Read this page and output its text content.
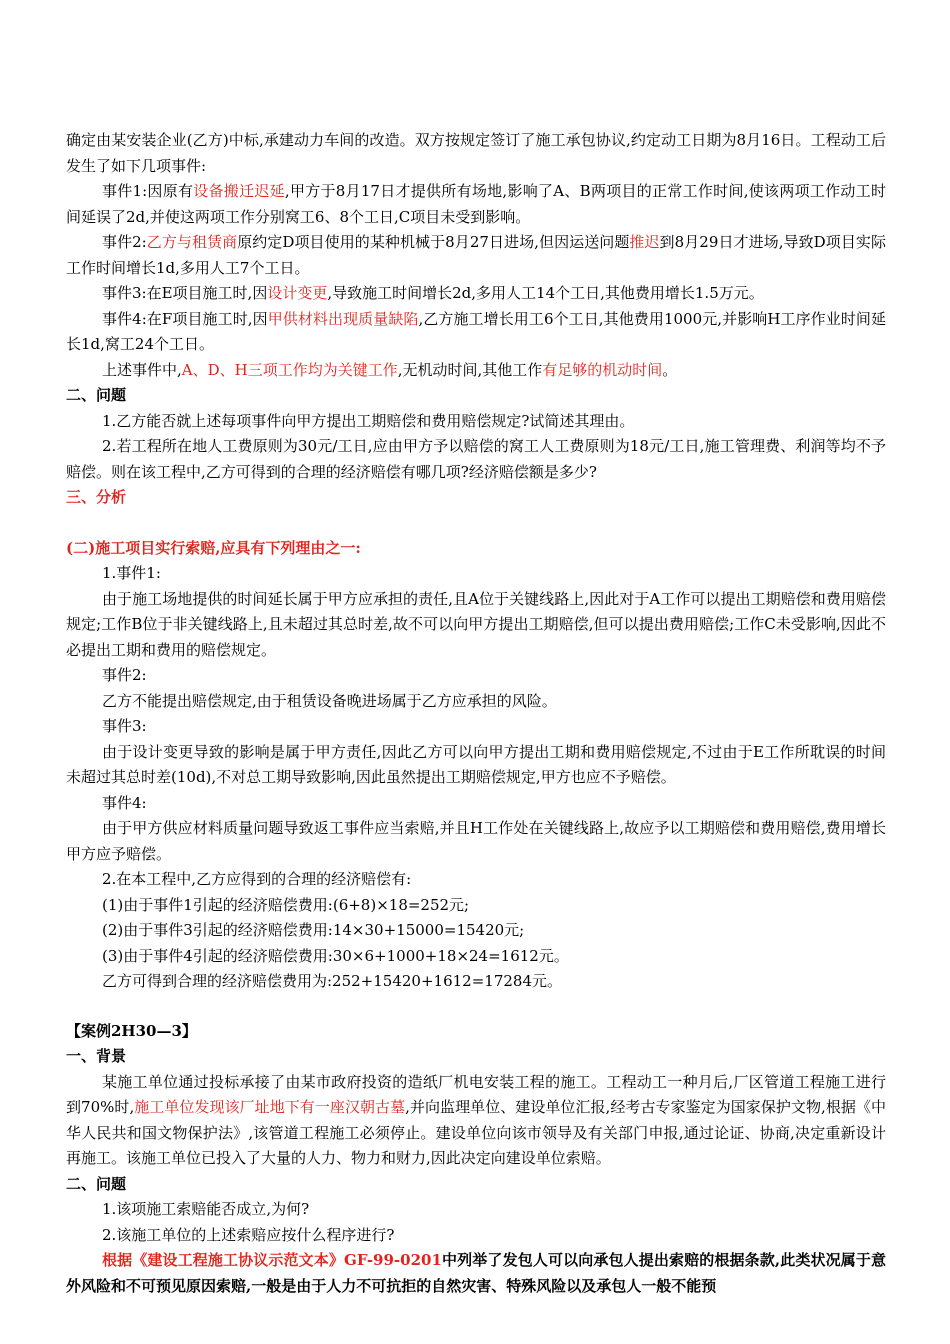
确定由某安装企业(乙方)中标,承建动力车间的改造。双方按规定签订了施工承包协议,约定动工日期为8月16日。工程动工后发生了如下几项事件:

事件1:因原有设备搬迁迟延,甲方于8月17日才提供所有场地,影响了A、B两项目的正常工作时间,使该两项工作动工时间延误了2d,并使这两项工作分别窝工6、8个工日,C项目未受到影响。

事件2:乙方与租赁商原约定D项目使用的某种机械于8月27日进场,但因运送问题推迟到8月29日才进场,导致D项目实际工作时间增长1d,多用人工7个工日。

事件3:在E项目施工时,因设计变更,导致施工时间增长2d,多用人工14个工日,其他费用增长1.5万元。

事件4:在F项目施工时,因甲供材料出现质量缺陷,乙方施工增长用工6个工日,其他费用1000元,并影响H工序作业时间延长1d,窝工24个工日。

上述事件中,A、D、H三项工作均为关键工作,无机动时间,其他工作有足够的机动时间。

二、问题

1.乙方能否就上述每项事件向甲方提出工期赔偿和费用赔偿规定?试简述其理由。

2.若工程所在地人工费原则为30元/工日,应由甲方予以赔偿的窝工人工费原则为18元/工日,施工管理费、利润等均不予赔偿。则在该工程中,乙方可得到的合理的经济赔偿有哪几项?经济赔偿额是多少?

三、分析

(二)施工项目实行索赔,应具有下列理由之一:

1.事件1:

由于施工场地提供的时间延长属于甲方应承担的责任,且A位于关键线路上,因此对于A工作可以提出工期赔偿和费用赔偿规定;工作B位于非关键线路上,且未超过其总时差,故不可以向甲方提出工期赔偿,但可以提出费用赔偿;工作C未受影响,因此不必提出工期和费用的赔偿规定。

事件2:

乙方不能提出赔偿规定,由于租赁设备晚进场属于乙方应承担的风险。

事件3:

由于设计变更导致的影响是属于甲方责任,因此乙方可以向甲方提出工期和费用赔偿规定,不过由于E工作所耽误的时间未超过其总时差(10d),不对总工期导致影响,因此虽然提出工期赔偿规定,甲方也应不予赔偿。

事件4:

由于甲方供应材料质量问题导致返工事件应当索赔,并且H工作处在关键线路上,故应予以工期赔偿和费用赔偿,费用增长甲方应予赔偿。

2.在本工程中,乙方应得到的合理的经济赔偿有:

(1)由于事件1引起的经济赔偿费用:(6+8)×18=252元;

(2)由于事件3引起的经济赔偿费用:14×30+15000=15420元;

(3)由于事件4引起的经济赔偿费用:30×6+1000+18×24=1612元。

乙方可得到合理的经济赔偿费用为:252+15420+1612=17284元。

【案例2H30—3】

一、背景

某施工单位通过投标承接了由某市政府投资的造纸厂机电安装工程的施工。工程动工一种月后,厂区管道工程施工进行到70%时,施工单位发现该厂址地下有一座汉朝古墓,并向监理单位、建设单位汇报,经考古专家鉴定为国家保护文物,根据《中华人民共和国文物保护法》,该管道工程施工必须停止。建设单位向该市领导及有关部门申报,通过论证、协商,决定重新设计再施工。该施工单位已投入了大量的人力、物力和财力,因此决定向建设单位索赔。

二、问题

1.该项施工索赔能否成立,为何?

2.该施工单位的上述索赔应按什么程序进行?

根据《建设工程施工协议示范文本》GF-99-0201中列举了发包人可以向承包人提出索赔的根据条款,此类状况属于意外风险和不可预见原因索赔,一般是由于人力不可抗拒的自然灾害、特殊风险以及承包人一般不能预
